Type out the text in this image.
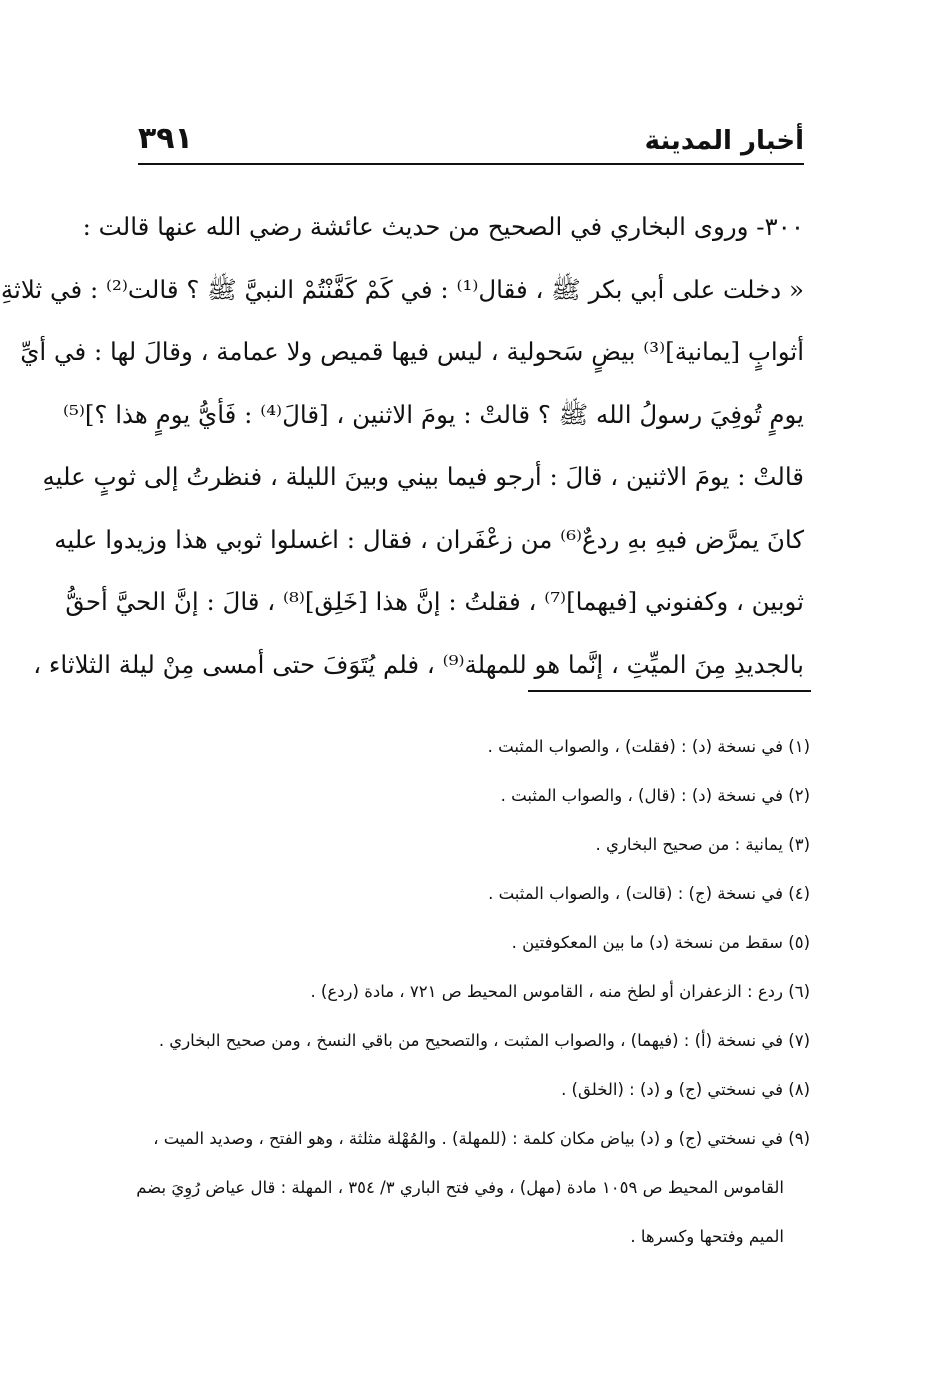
أخبار المدينة
٣٩١
٣٠٠- وروى البخاري في الصحيح من حديث عائشة رضي الله عنها قالت :
« دخلت على أبي بكر ﷺ ، فقال⁽¹⁾ : في كَمْ كَفَّنْتُمْ النبيَّ ﷺ ؟ قالت⁽²⁾ : في ثلاثةِ
أثوابٍ [يمانية]⁽³⁾ بيضٍ سَحولية ، ليس فيها قميص ولا عمامة ، وقالَ لها : في أيِّ
يومٍ تُوفِيَ رسولُ الله ﷺ ؟ قالتْ : يومَ الاثنين ، [قالَ⁽⁴⁾ : فَأيُّ يومٍ هذا ؟]⁽⁵⁾
قالتْ : يومَ الاثنين ، قالَ : أرجو فيما بيني وبينَ الليلة ، فنظرتُ إلى ثوبٍ عليهِ
كانَ يمرَّض فيهِ بهِ ردعٌ⁽⁶⁾ من زعْفَران ، فقال : اغسلوا ثوبي هذا وزيدوا عليه
ثوبين ، وكفنوني [فيهما]⁽⁷⁾ ، فقلتُ : إنَّ هذا [خَلِق]⁽⁸⁾ ، قالَ : إنَّ الحيَّ أحقُّ
بالجديدِ مِنَ الميِّتِ ، إنَّما هو للمهلة⁽⁹⁾ ، فلم يُتَوَفَ حتى أمسى مِنْ ليلة الثلاثاء ،
(١) في نسخة (د) : (فقلت) ، والصواب المثبت .
(٢) في نسخة (د) : (قال) ، والصواب المثبت .
(٣) يمانية : من صحيح البخاري .
(٤) في نسخة (ج) : (قالت) ، والصواب المثبت .
(٥) سقط من نسخة (د) ما بين المعكوفتين .
(٦) ردع : الزعفران أو لطخ منه ، القاموس المحيط ص ٧٢١ ، مادة (ردع) .
(٧) في نسخة (أ) : (فيهما) ، والصواب المثبت ، والتصحيح من باقي النسخ ، ومن صحيح البخاري .
(٨) في نسختي (ج) و (د) : (الخلق) .
(٩) في نسختي (ج) و (د) بياض مكان كلمة : (للمهلة) . والمُهْلة مثلثة ، وهو الفتح ، وصديد الميت ،
القاموس المحيط ص ١٠٥٩ مادة (مهل) ، وفي فتح الباري ٣/ ٣٥٤ ، المهلة : قال عياض رُوِيَ بضم
الميم وفتحها وكسرها .
